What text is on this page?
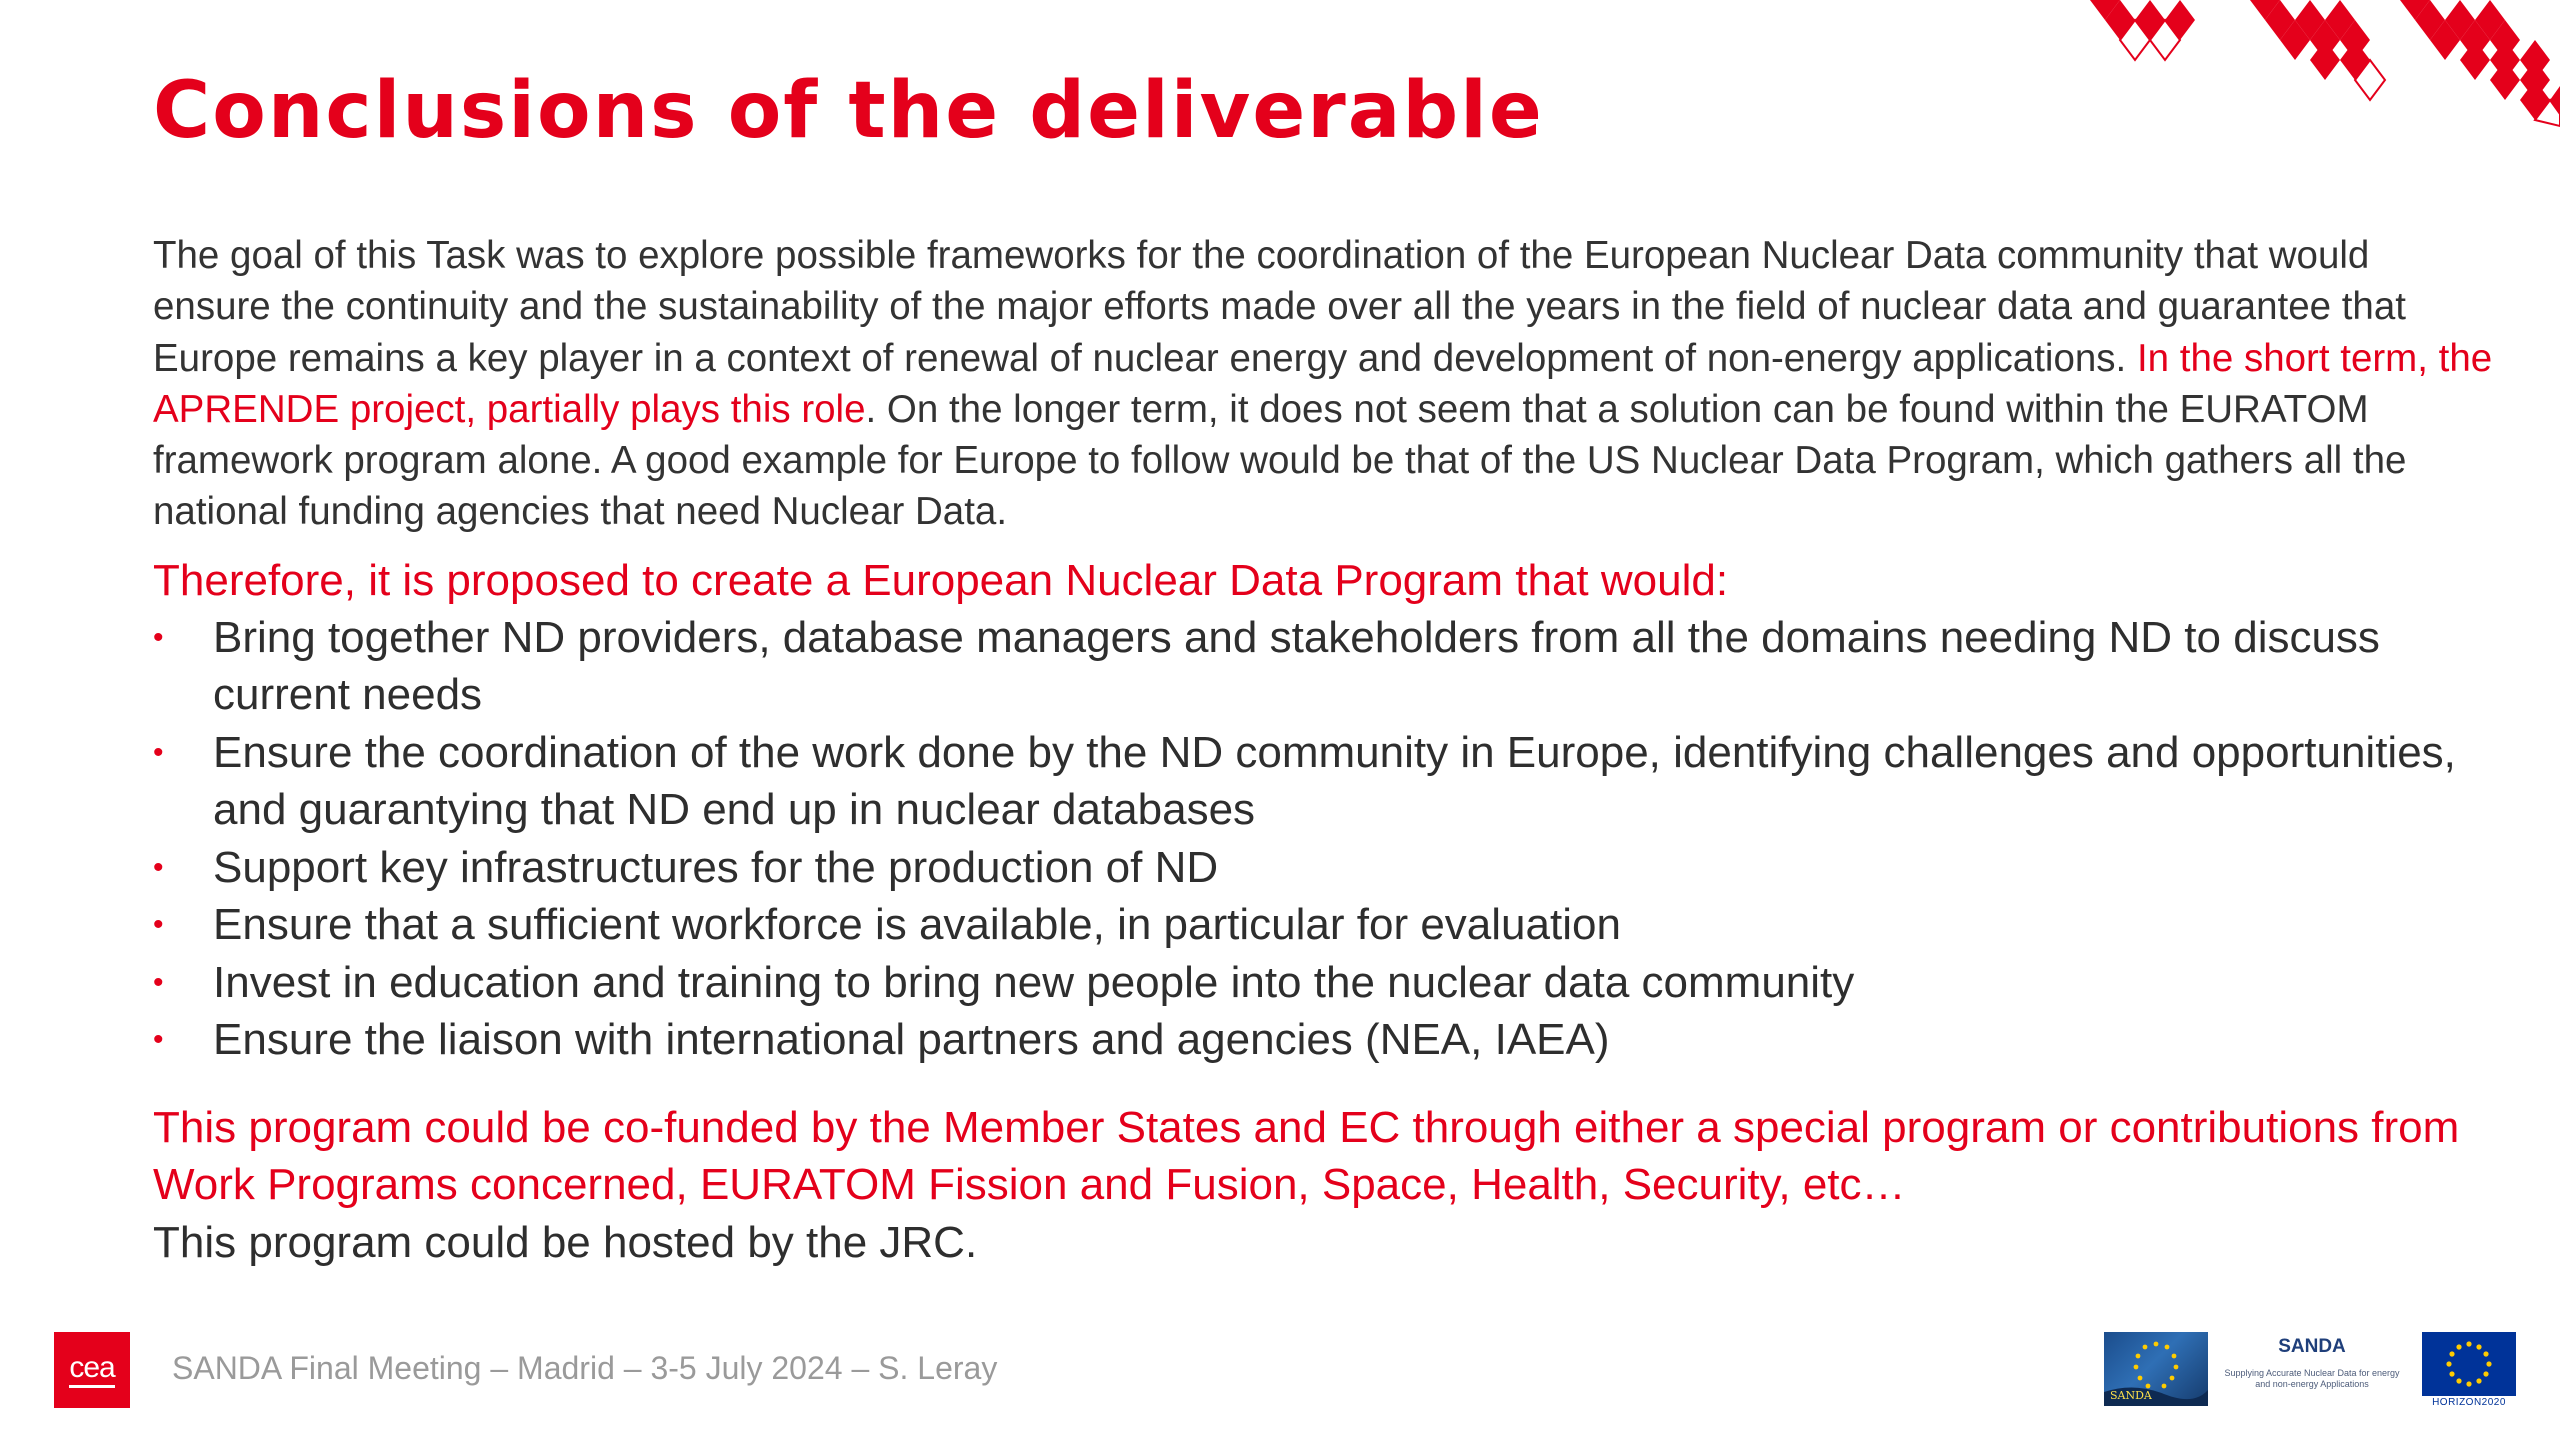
Conclusions of the deliverable

The goal of this Task was to explore possible frameworks for the coordination of the European Nuclear Data community that would ensure the continuity and the sustainability of the major efforts made over all the years in the field of nuclear data and guarantee that Europe remains a key player in a context of renewal of nuclear energy and development of non-energy applications. In the short term, the APRENDE project, partially plays this role. On the longer term, it does not seem that a solution can be found within the EURATOM framework program alone. A good example for Europe to follow would be that of the US Nuclear Data Program, which gathers all the national funding agencies that need Nuclear Data.

Therefore, it is proposed to create a European Nuclear Data Program that would:

• Bring together ND providers, database managers and stakeholders from all the domains needing ND to discuss current needs
• Ensure the coordination of the work done by the ND community in Europe, identifying challenges and opportunities, and guarantying that ND end up in nuclear databases
• Support key infrastructures for the production of ND
• Ensure that a sufficient workforce is available, in particular for evaluation
• Invest in education and training to bring new people into the nuclear data community
• Ensure the liaison with international partners and agencies (NEA, IAEA)

This program could be co-funded by the Member States and EC through either a special program or contributions from Work Programs concerned, EURATOM Fission and Fusion, Space, Health, Security, etc…

This program could be hosted by the JRC.

cea SANDA Final Meeting – Madrid – 3-5 July 2024 – S. Leray
SANDA
SANDA
Supplying Accurate Nuclear Data for energy and non-energy Applications
HORIZON2020
